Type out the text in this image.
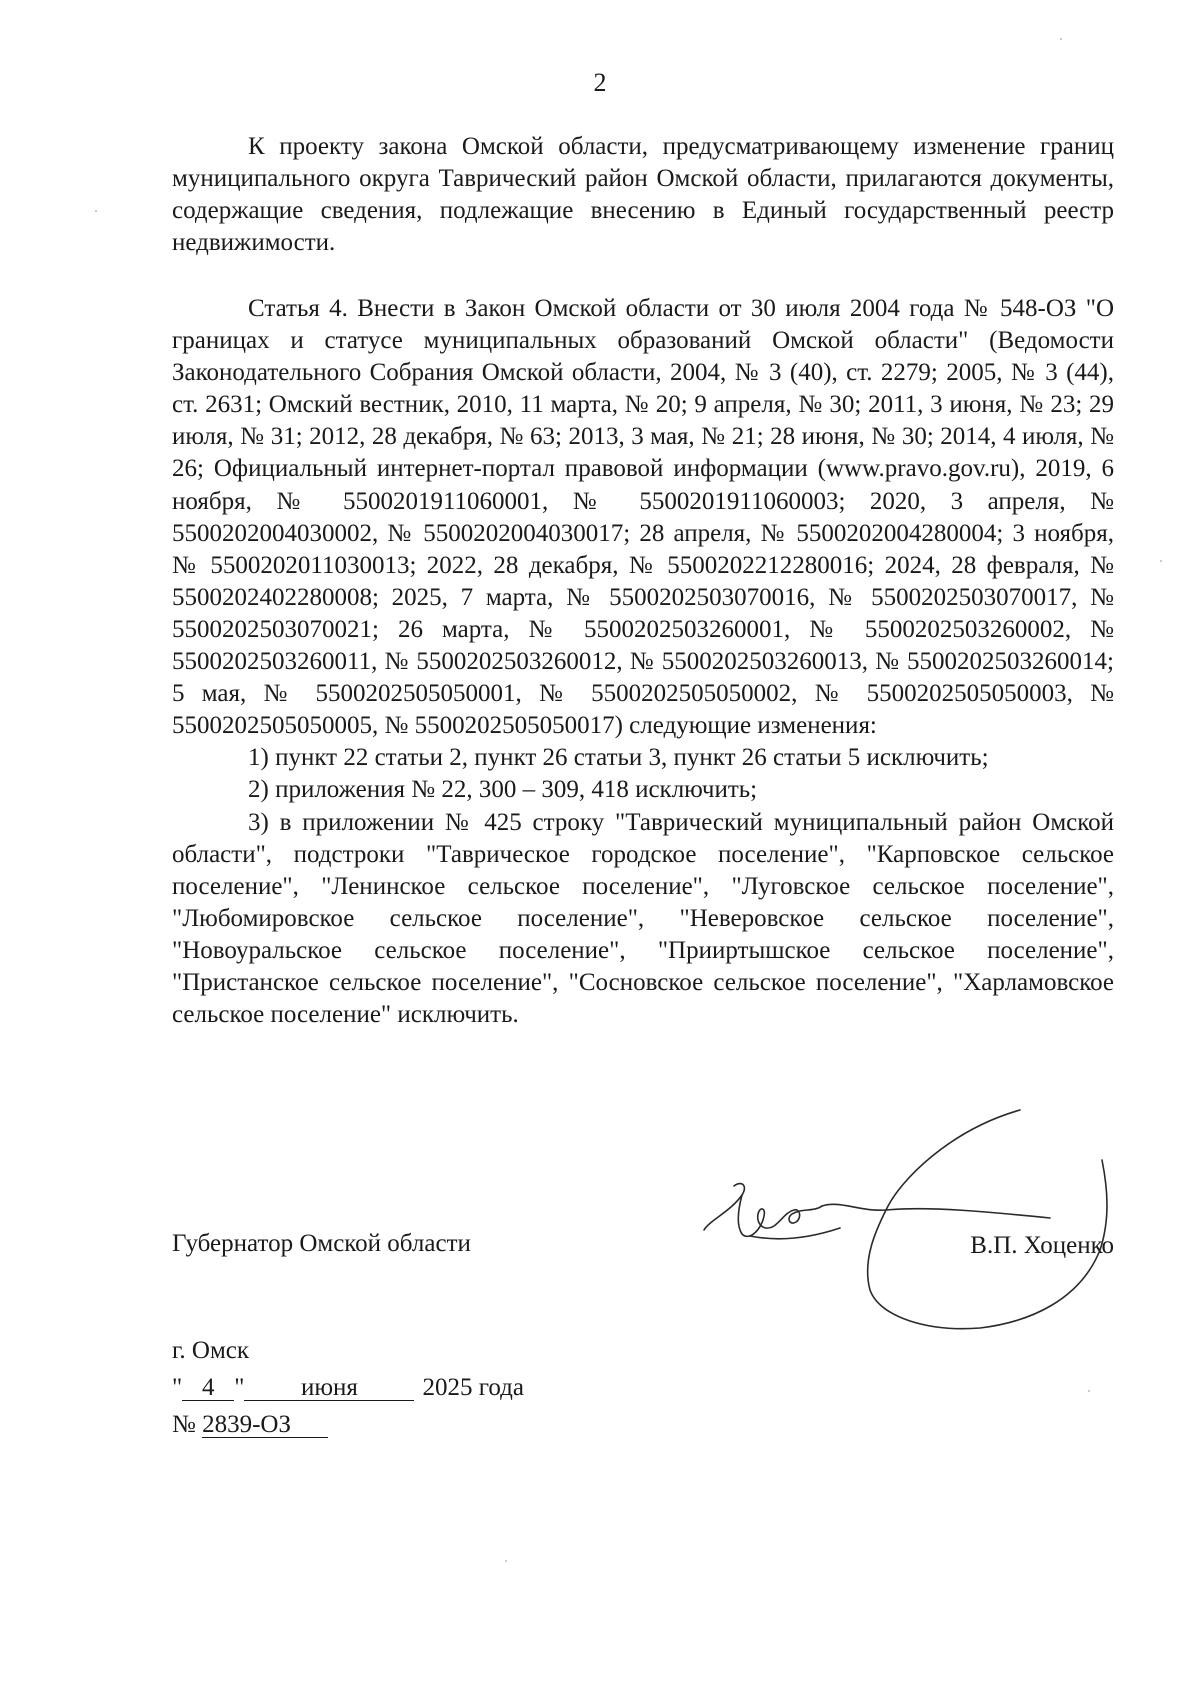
2

К проекту закона Омской области, предусматривающему изменение границ муниципального округа Таврический район Омской области, прилагаются документы, содержащие сведения, подлежащие внесению в Единый государственный реестр недвижимости.

Статья 4. Внести в Закон Омской области от 30 июля 2004 года № 548-ОЗ "О границах и статусе муниципальных образований Омской области" (Ведомости Законодательного Собрания Омской области, 2004, № 3 (40), ст. 2279; 2005, № 3 (44), ст. 2631; Омский вестник, 2010, 11 марта, № 20; 9 апреля, № 30; 2011, 3 июня, № 23; 29 июля, № 31; 2012, 28 декабря, № 63; 2013, 3 мая, № 21; 28 июня, № 30; 2014, 4 июля, № 26; Официальный интернет-портал правовой информации (www.pravo.gov.ru), 2019, 6 ноября, № 5500201911060001, № 5500201911060003; 2020, 3 апреля, № 5500202004030002, № 5500202004030017; 28 апреля, № 5500202004280004; 3 ноября, № 5500202011030013; 2022, 28 декабря, № 5500202212280016; 2024, 28 февраля, № 5500202402280008; 2025, 7 марта, № 5500202503070016, № 5500202503070017, № 5500202503070021; 26 марта, № 5500202503260001, № 5500202503260002, № 5500202503260011, № 5500202503260012, № 5500202503260013, № 5500202503260014; 5 мая, № 5500202505050001, № 5500202505050002, № 5500202505050003, № 5500202505050005, № 5500202505050017) следующие изменения:

1) пункт 22 статьи 2, пункт 26 статьи 3, пункт 26 статьи 5 исключить;

2) приложения № 22, 300 – 309, 418 исключить;

3) в приложении № 425 строку "Таврический муниципальный район Омской области", подстроки "Таврическое городское поселение", "Карповское сельское поселение", "Ленинское сельское поселение", "Луговское сельское поселение", "Любомировское сельское поселение", "Неверовское сельское поселение", "Новоуральское сельское поселение", "Прииртышское сельское поселение", "Пристанское сельское поселение", "Сосновское сельское поселение", "Харламовское сельское поселение" исключить.

Губернатор Омской области	В.П. Хоценко
г. Омск
" 4 " июня	2025 года
№ 2839-ОЗ
